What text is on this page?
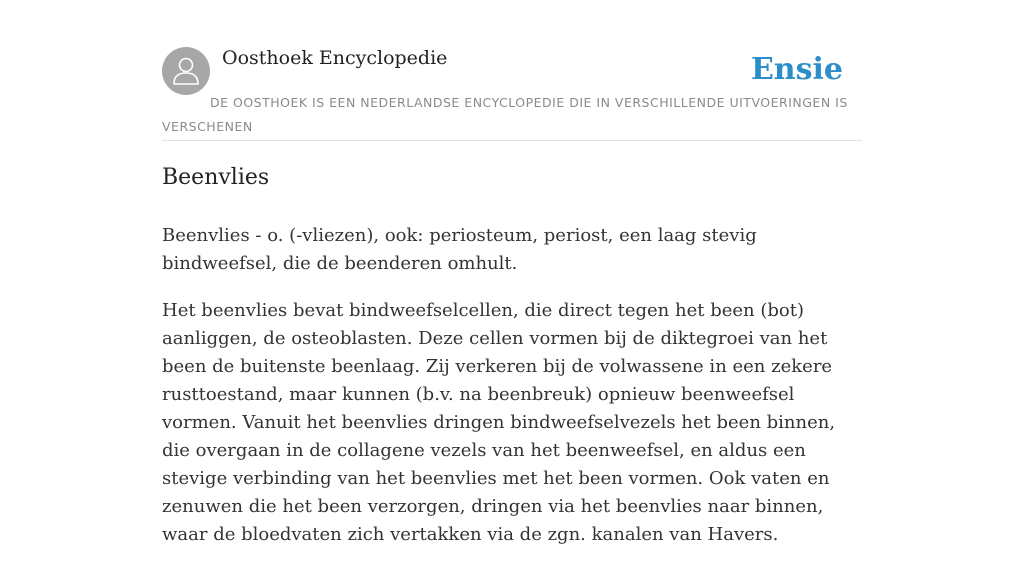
Oosthoek Encyclopedie	Ensie
DE OOSTHOEK IS EEN NEDERLANDSE ENCYCLOPEDIE DIE IN VERSCHILLENDE UITVOERINGEN IS VERSCHENEN
Beenvlies

Beenvlies - o. (-vliezen), ook: periosteum, periost, een laag stevig bindweefsel, die de beenderen omhult.

Het beenvlies bevat bindweefselcellen, die direct tegen het been (bot) aanliggen, de osteoblasten. Deze cellen vormen bij de diktegroei van het been de buitenste beenlaag. Zij verkeren bij de volwassene in een zekere rusttoestand, maar kunnen (b.v. na beenbreuk) opnieuw beenweefsel vormen. Vanuit het beenvlies dringen bindweefselvezels het been binnen, die overgaan in de collagene vezels van het beenweefsel, en aldus een stevige verbinding van het beenvlies met het been vormen. Ook vaten en zenuwen die het been verzorgen, dringen via het beenvlies naar binnen, waar de bloedvaten zich vertakken via de zgn. kanalen van Havers.
